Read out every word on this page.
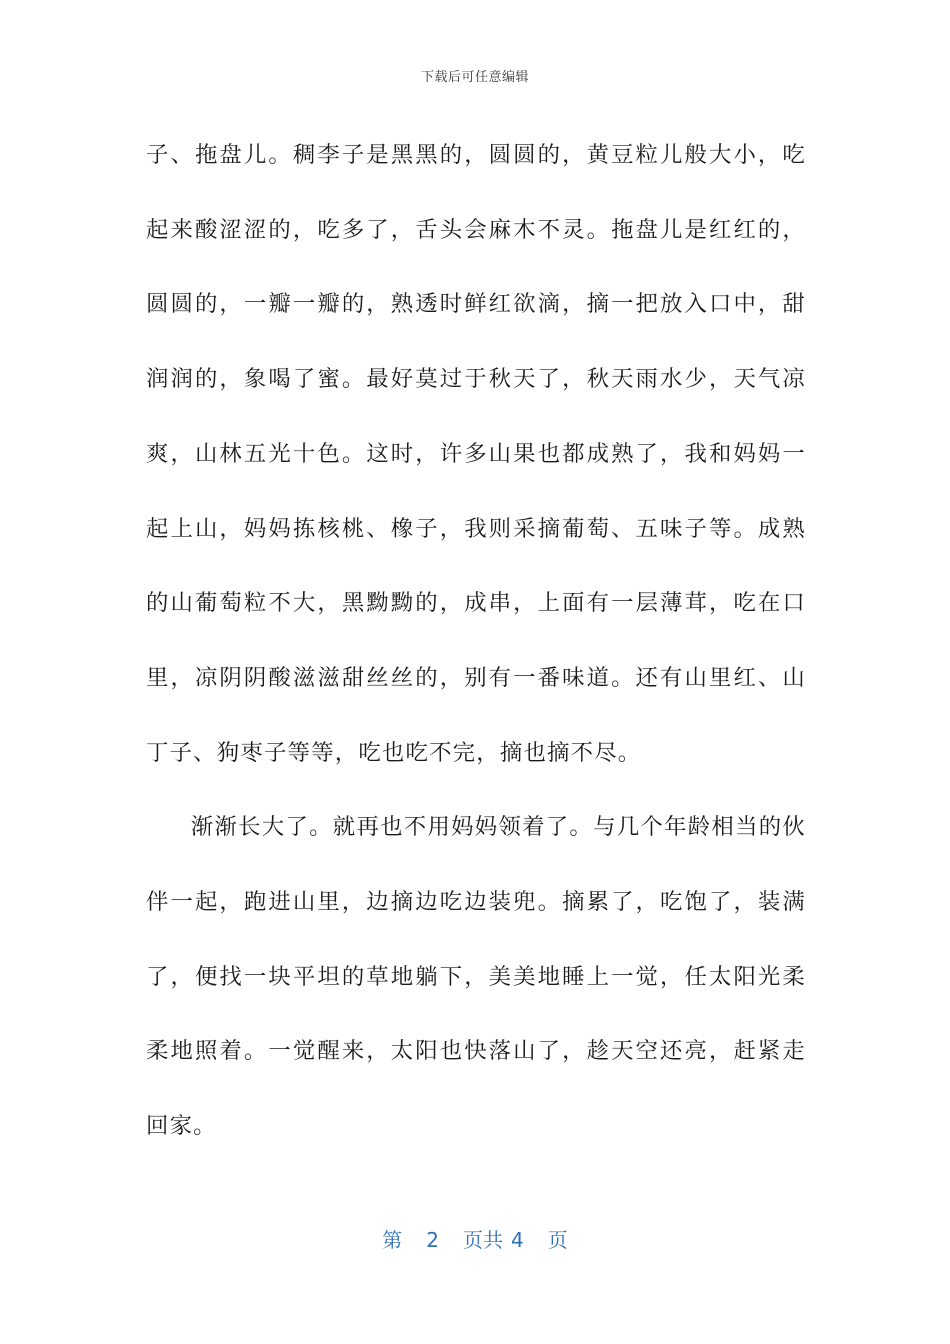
下载后可任意编辑

子、拖盘儿。稠李子是黑黑的，圆圆的，黄豆粒儿般大小，吃起来酸涩涩的，吃多了，舌头会麻木不灵。拖盘儿是红红的，圆圆的，一瓣一瓣的，熟透时鲜红欲滴，摘一把放入口中，甜润润的，象喝了蜜。最好莫过于秋天了，秋天雨水少，天气凉爽，山林五光十色。这时，许多山果也都成熟了，我和妈妈一起上山，妈妈拣核桃、橡子，我则采摘葡萄、五味子等。成熟的山葡萄粒不大，黑黝黝的，成串，上面有一层薄茸，吃在口里，凉阴阴酸滋滋甜丝丝的，别有一番味道。还有山里红、山丁子、狗枣子等等，吃也吃不完，摘也摘不尽。

渐渐长大了。就再也不用妈妈领着了。与几个年龄相当的伙伴一起，跑进山里，边摘边吃边装兜。摘累了，吃饱了，装满了，便找一块平坦的草地躺下，美美地睡上一觉，任太阳光柔柔地照着。一觉醒来，太阳也快落山了，趁天空还亮，赶紧走回家。

第 2 页共 4 页
